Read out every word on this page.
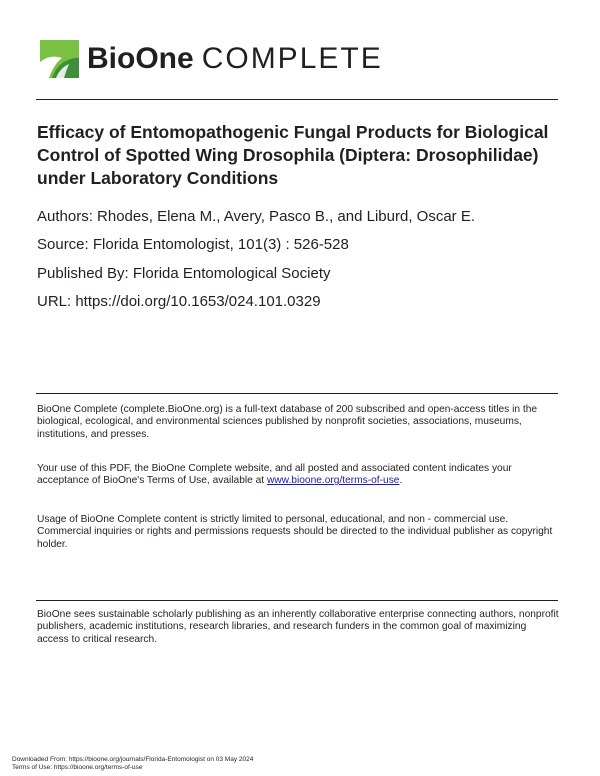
BioOne COMPLETE
Efficacy of Entomopathogenic Fungal Products for Biological Control of Spotted Wing Drosophila (Diptera: Drosophilidae) under Laboratory Conditions

Authors: Rhodes, Elena M., Avery, Pasco B., and Liburd, Oscar E.

Source: Florida Entomologist, 101(3) : 526-528

Published By: Florida Entomological Society

URL: https://doi.org/10.1653/024.101.0329

BioOne Complete (complete.BioOne.org) is a full-text database of 200 subscribed and open-access titles in the biological, ecological, and environmental sciences published by nonprofit societies, associations, museums, institutions, and presses.

Your use of this PDF, the BioOne Complete website, and all posted and associated content indicates your acceptance of BioOne's Terms of Use, available at www.bioone.org/terms-of-use.

Usage of BioOne Complete content is strictly limited to personal, educational, and non - commercial use. Commercial inquiries or rights and permissions requests should be directed to the individual publisher as copyright holder.

BioOne sees sustainable scholarly publishing as an inherently collaborative enterprise connecting authors, nonprofit publishers, academic institutions, research libraries, and research funders in the common goal of maximizing access to critical research.

Downloaded From: https://bioone.org/journals/Florida-Entomologist on 03 May 2024

Terms of Use: https://bioone.org/terms-of-use
